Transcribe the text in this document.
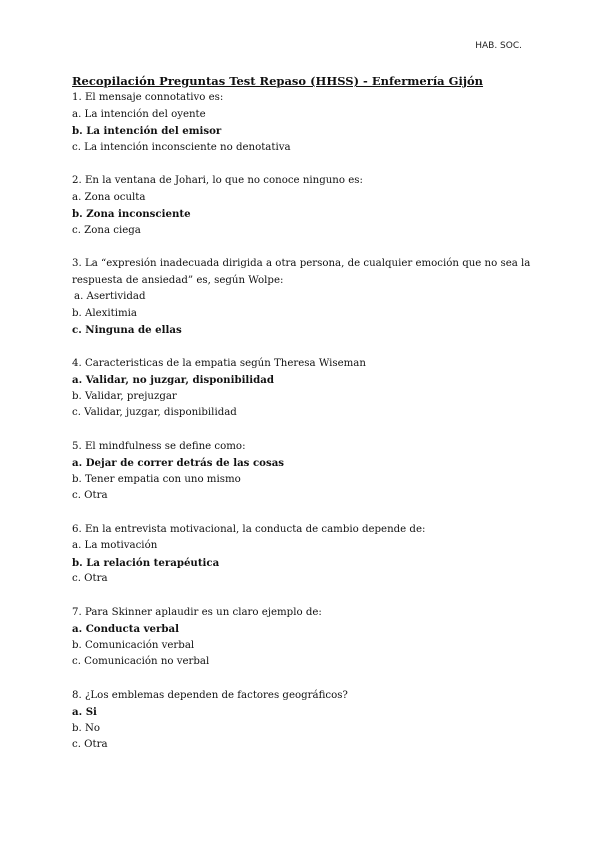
HAB. SOC.
Recopilación Preguntas Test Repaso (HHSS) - Enfermería Gijón
1. El mensaje connotativo es:
a. La intención del oyente
b. La intención del emisor
c. La intención inconsciente no denotativa
2. En la ventana de Johari, lo que no conoce ninguno es:
a. Zona oculta
b. Zona inconsciente
c. Zona ciega
3. La “expresión inadecuada dirigida a otra persona, de cualquier emoción que no sea la respuesta de ansiedad” es, según Wolpe:
a. Asertividad
b. Alexitimia
c. Ninguna de ellas
4. Caracteristicas de la empatia según Theresa Wiseman
a. Validar, no juzgar, disponibilidad
b. Validar, prejuzgar
c. Validar, juzgar, disponibilidad
5. El mindfulness se define como:
a. Dejar de correr detrás de las cosas
b. Tener empatia con uno mismo
c. Otra
6. En la entrevista motivacional, la conducta de cambio depende de:
a. La motivación
b. La relación terapéutica
c. Otra
7. Para Skinner aplaudir es un claro ejemplo de:
a. Conducta verbal
b. Comunicación verbal
c. Comunicación no verbal
8. ¿Los emblemas dependen de factores geográficos?
a. Si
b. No
c. Otra
